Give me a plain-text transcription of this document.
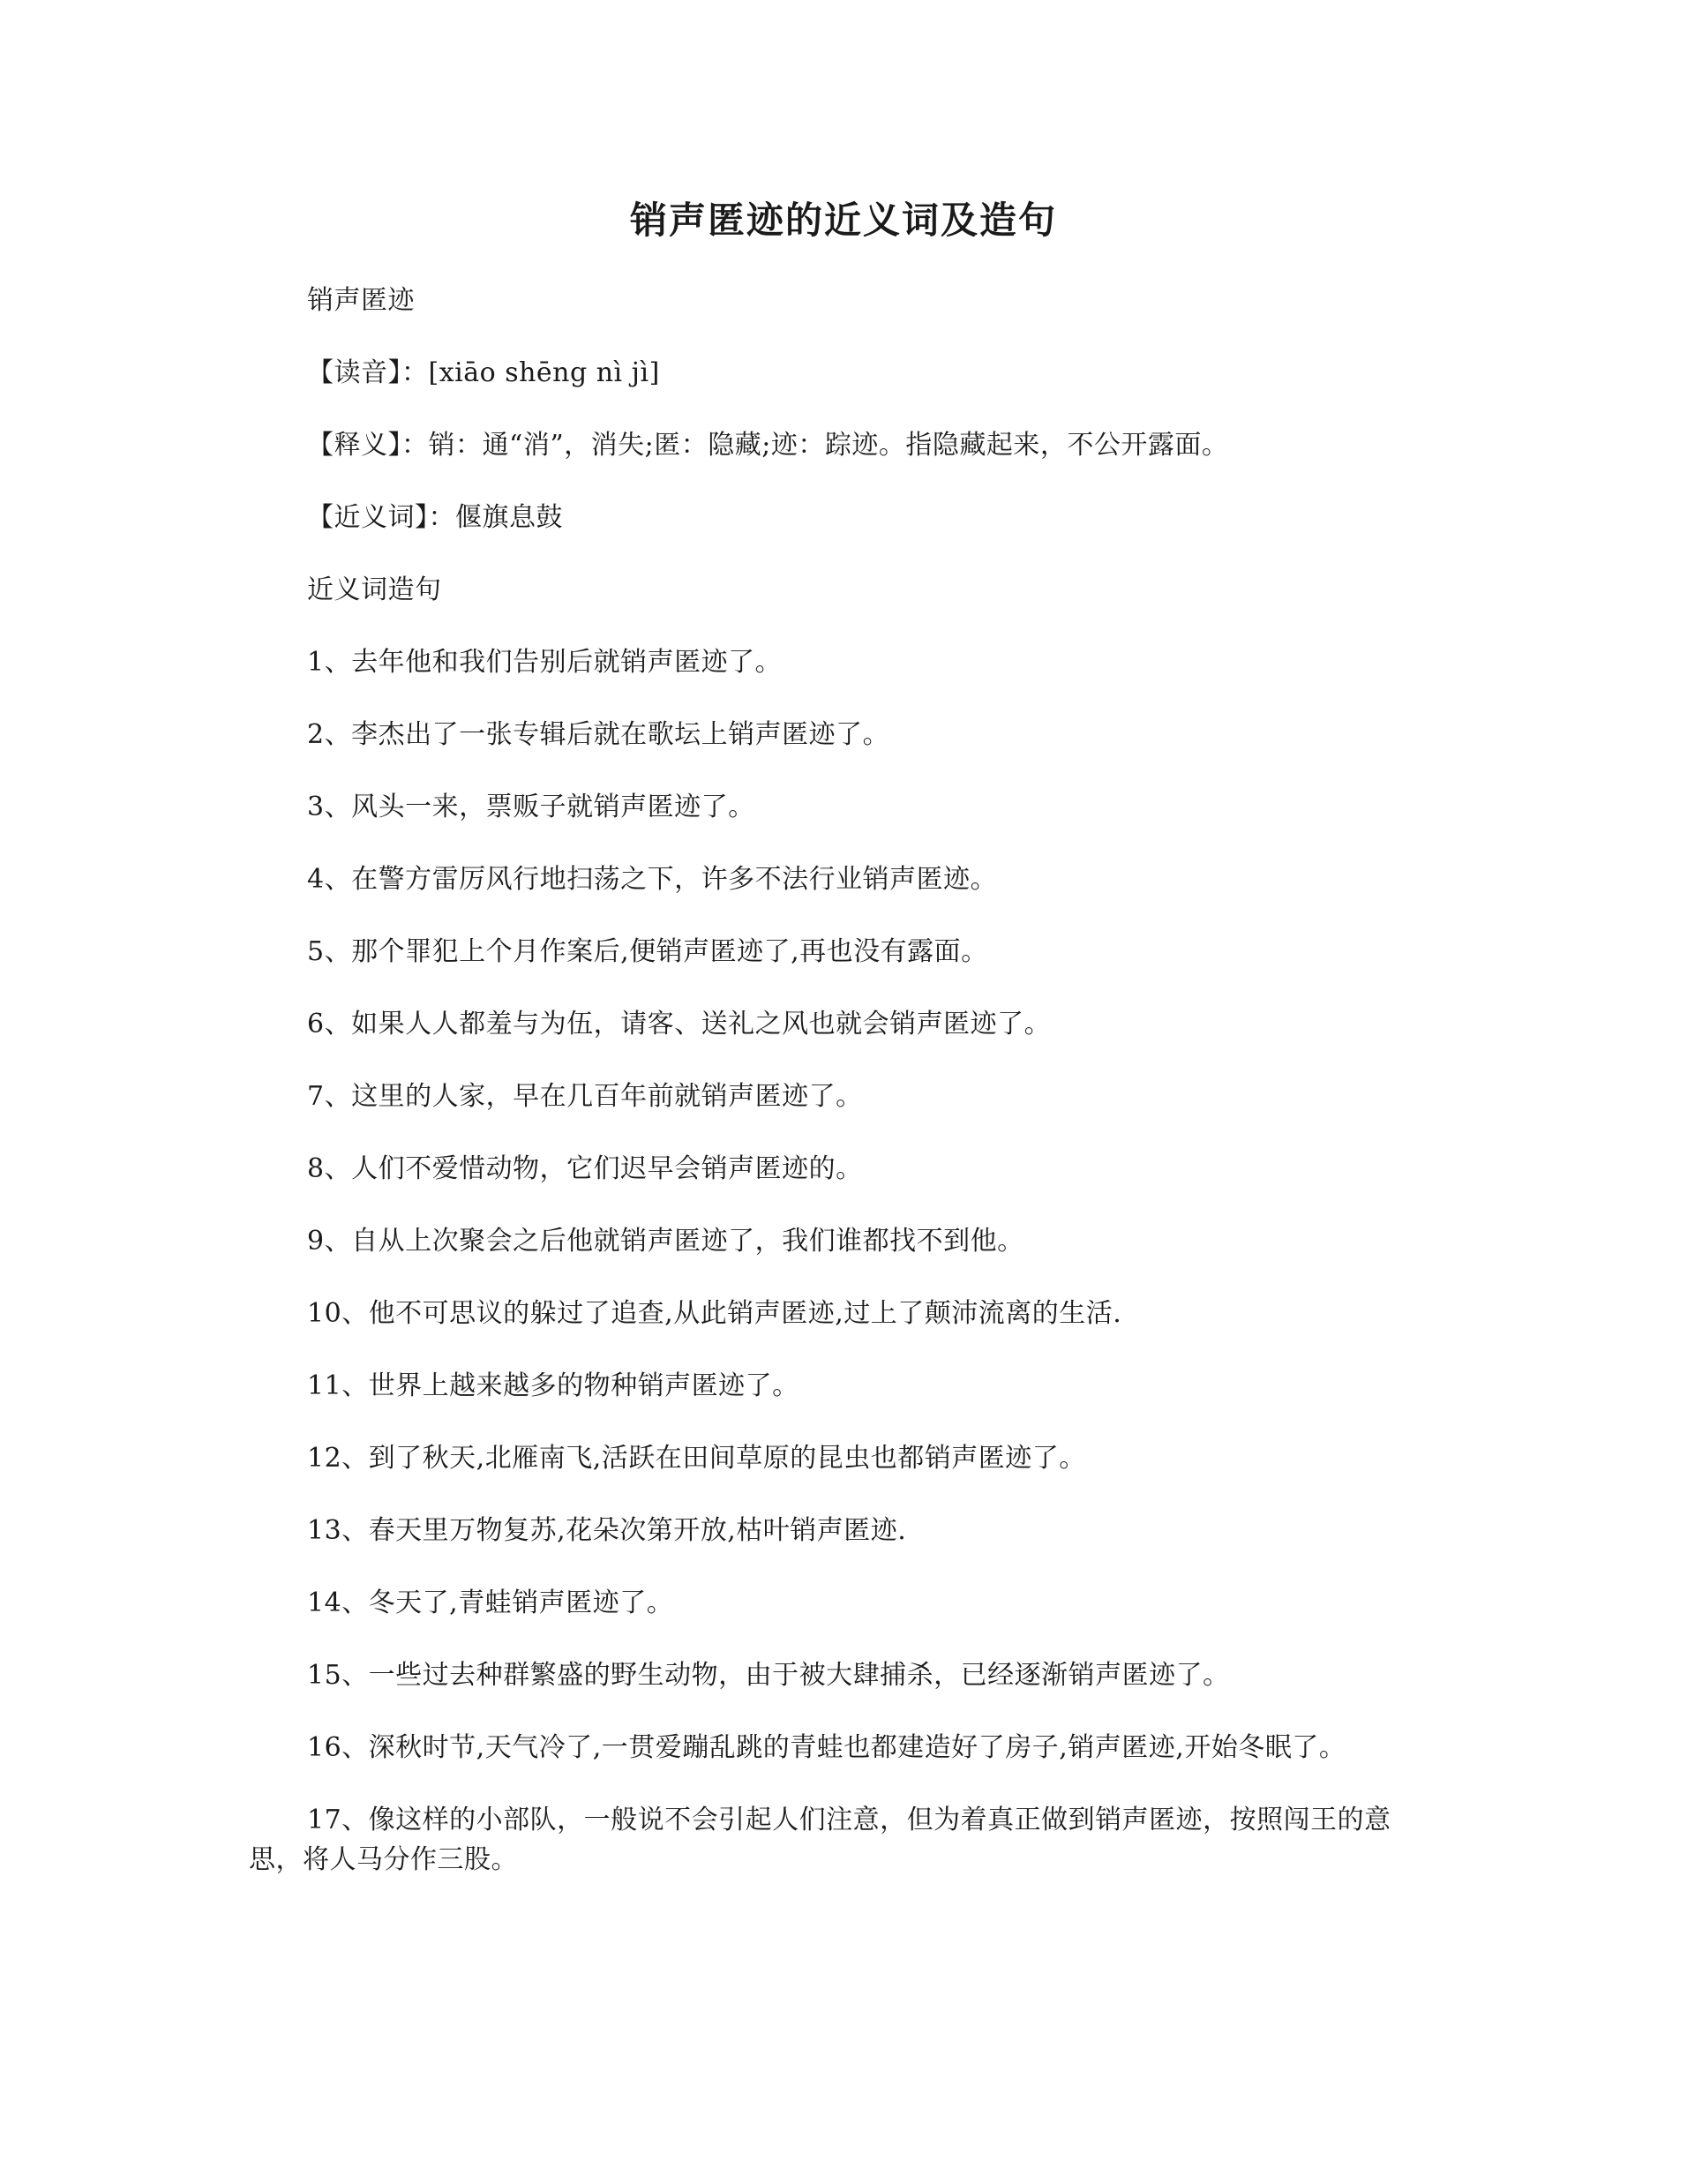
销声匿迹的近义词及造句

销声匿迹

【读音】：[xiāo shēng nì jì]

【释义】：销：通“消”，消失;匿：隐藏;迹：踪迹。指隐藏起来，不公开露面。

【近义词】：偃旗息鼓

近义词造句

1、去年他和我们告别后就销声匿迹了。

2、李杰出了一张专辑后就在歌坛上销声匿迹了。

3、风头一来，票贩子就销声匿迹了。

4、在警方雷厉风行地扫荡之下，许多不法行业销声匿迹。

5、那个罪犯上个月作案后,便销声匿迹了,再也没有露面。

6、如果人人都羞与为伍，请客、送礼之风也就会销声匿迹了。

7、这里的人家，早在几百年前就销声匿迹了。

8、人们不爱惜动物，它们迟早会销声匿迹的。

9、自从上次聚会之后他就销声匿迹了，我们谁都找不到他。

10、他不可思议的躲过了追查,从此销声匿迹,过上了颠沛流离的生活.

11、世界上越来越多的物种销声匿迹了。

12、到了秋天,北雁南飞,活跃在田间草原的昆虫也都销声匿迹了。

13、春天里万物复苏,花朵次第开放,枯叶销声匿迹.

14、冬天了,青蛙销声匿迹了。

15、一些过去种群繁盛的野生动物，由于被大肆捕杀，已经逐渐销声匿迹了。

16、深秋时节,天气冷了,一贯爱蹦乱跳的青蛙也都建造好了房子,销声匿迹,开始冬眠了。

17、像这样的小部队，一般说不会引起人们注意，但为着真正做到销声匿迹，按照闯王的意思，将人马分作三股。
